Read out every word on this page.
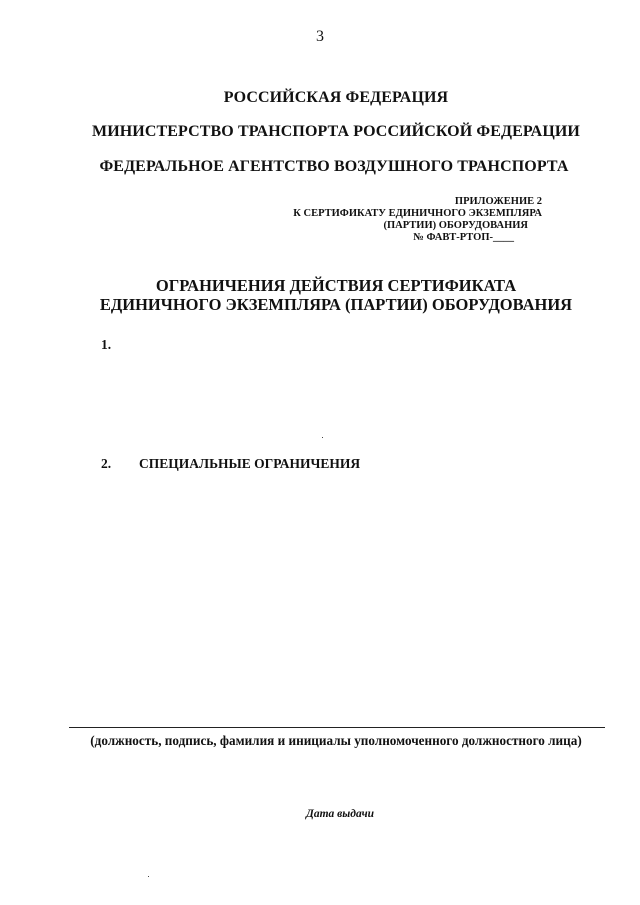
3
РОССИЙСКАЯ ФЕДЕРАЦИЯ
МИНИСТЕРСТВО ТРАНСПОРТА РОССИЙСКОЙ ФЕДЕРАЦИИ
ФЕДЕРАЛЬНОЕ АГЕНТСТВО ВОЗДУШНОГО ТРАНСПОРТА
ПРИЛОЖЕНИЕ 2
К СЕРТИФИКАТУ ЕДИНИЧНОГО ЭКЗЕМПЛЯРА
(ПАРТИИ) ОБОРУДОВАНИЯ
№ ФАВТ-РТОП-____
ОГРАНИЧЕНИЯ ДЕЙСТВИЯ СЕРТИФИКАТА
ЕДИНИЧНОГО ЭКЗЕМПЛЯРА (ПАРТИИ) ОБОРУДОВАНИЯ
1.
2. СПЕЦИАЛЬНЫЕ ОГРАНИЧЕНИЯ
(должность, подпись, фамилия и инициалы уполномоченного должностного лица)
Дата выдачи
